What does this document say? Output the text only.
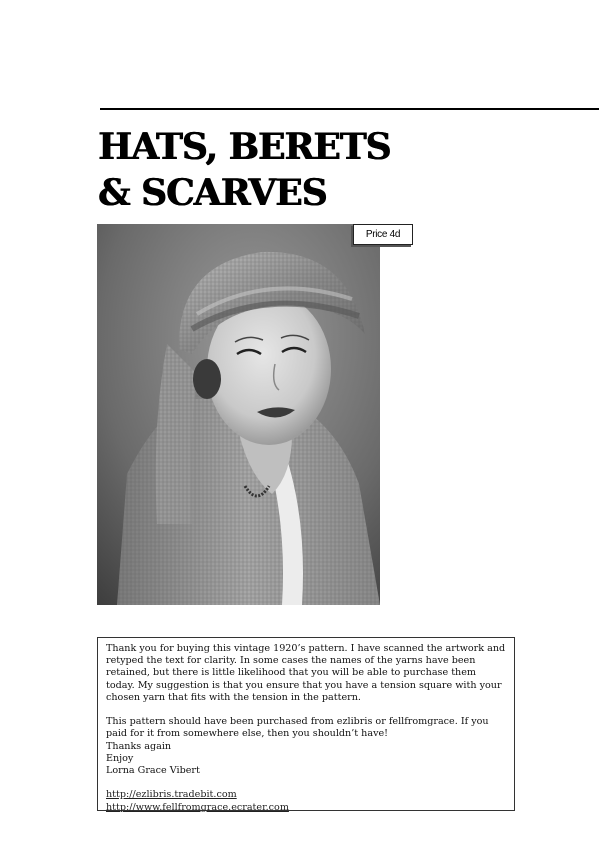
HATS, BERETS
& SCARVES
Price 4d

Thank you for buying this vintage 1920’s pattern. I have scanned the artwork and retyped the text for clarity. In some cases the names of the yarns have been retained, but there is little likelihood that you will be able to purchase them today. My suggestion is that you ensure that you have a tension square with your chosen yarn that fits with the tension in the pattern.

This pattern should have been purchased from ezlibris or fellfromgrace. If you paid for it from somewhere else, then you shouldn’t have!

Thanks again

Enjoy

Lorna Grace Vibert

http://ezlibris.tradebit.com
http://www.fellfromgrace.ecrater.com
